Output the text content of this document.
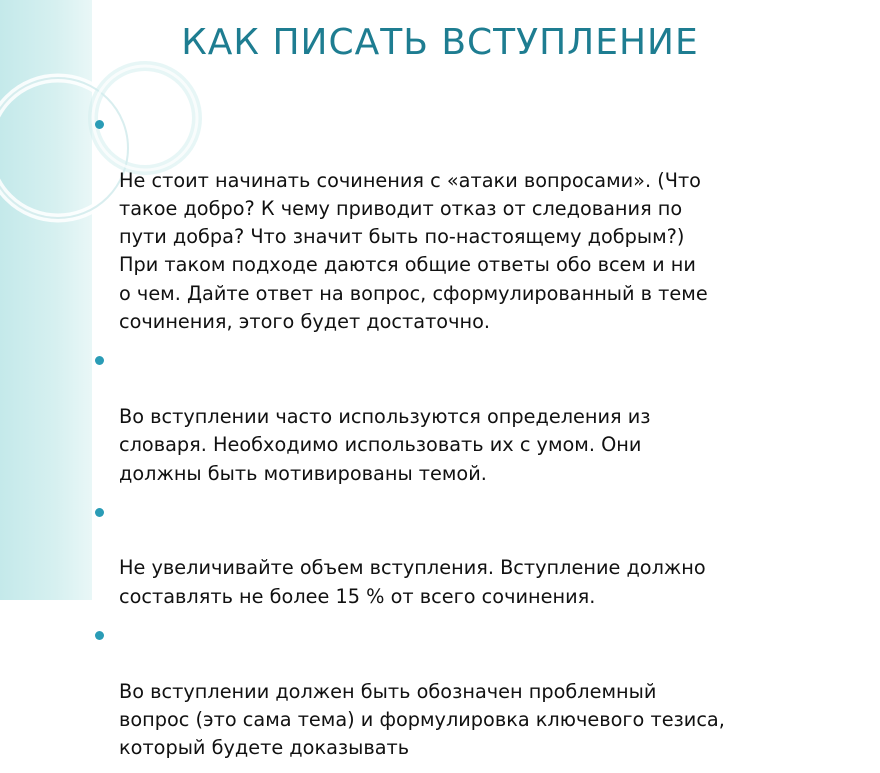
КАК ПИСАТЬ ВСТУПЛЕНИЕ

Не стоит начинать сочинения с «атаки вопросами». (Что
такое добро? К чему приводит отказ от следования по
пути добра? Что значит быть по-настоящему добрым?)
При таком подходе даются общие ответы обо всем и ни
о чем. Дайте ответ на вопрос, сформулированный в теме
сочинения, этого будет достаточно.

Во вступлении часто используются определения из
словаря. Необходимо использовать их с умом. Они
должны быть мотивированы темой.

Не увеличивайте объем вступления. Вступление должно
составлять не более 15 % от всего сочинения.

Во вступлении должен быть обозначен проблемный
вопрос (это сама тема) и формулировка ключевого тезиса,
который будете доказывать
